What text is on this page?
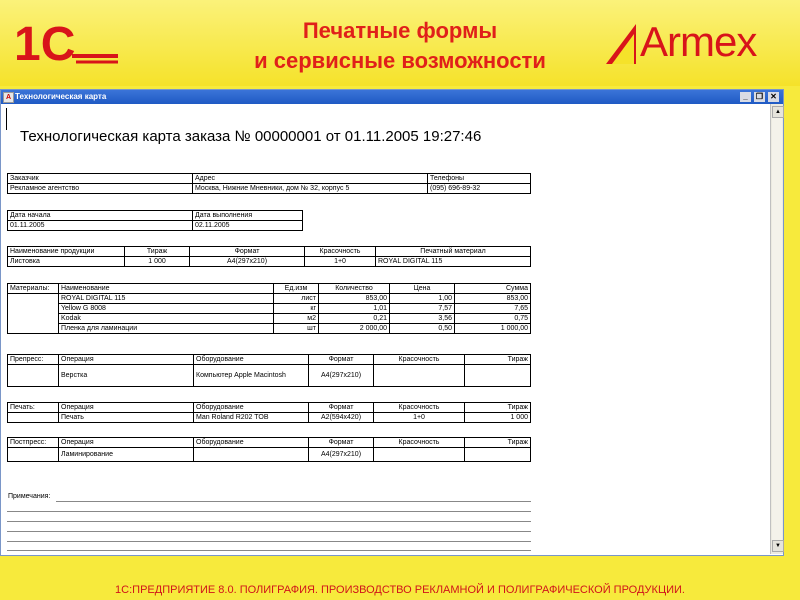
1C	Печатные формы
и сервисные возможности	Armex
A Технологическая карта	_	❐ ✕
▲
▼
Технологическая карта заказа № 00000001 от 01.11.2005 19:27:46
Заказчик	Адрес	Телефоны
Рекламное агентство	Москва, Нижние Мневники, дом № 32, корпус 5	(095) 696-89-32
Дата начала	Дата выполнения
01.11.2005	02.11.2005
Наименование продукции	Тираж	Формат	Красочность	Печатный материал
Листовка	1 000	А4(297x210)	1+0	ROYAL DIGITAL 115
Материалы:	Наименование	Ед.изм	Количество	Цена	Сумма
	ROYAL DIGITAL 115	лист	853,00	1,00	853,00
	Yellow G 8008	кг	1,01	7,57	7,65
	Kodak	м2	0,21	3,56	0,75
	Пленка для ламинации	шт	2 000,00	0,50	1 000,00
Препресс:	Операция	Оборудование	Формат	Красочность	Тираж
	Верстка	Компьютер Apple Macintosh	А4(297x210)		
Печать:	Операция	Оборудование	Формат	Красочность	Тираж
	Печать	Man Roland R202 TOB	А2(594x420)	1+0	1 000
Постпресс:	Операция	Оборудование	Формат	Красочность	Тираж
	Ламинирование		А4(297x210)		
Примечания:
1С:ПРЕДПРИЯТИЕ 8.0. ПОЛИГРАФИЯ. ПРОИЗВОДСТВО РЕКЛАМНОЙ И ПОЛИГРАФИЧЕСКОЙ ПРОДУКЦИИ.
